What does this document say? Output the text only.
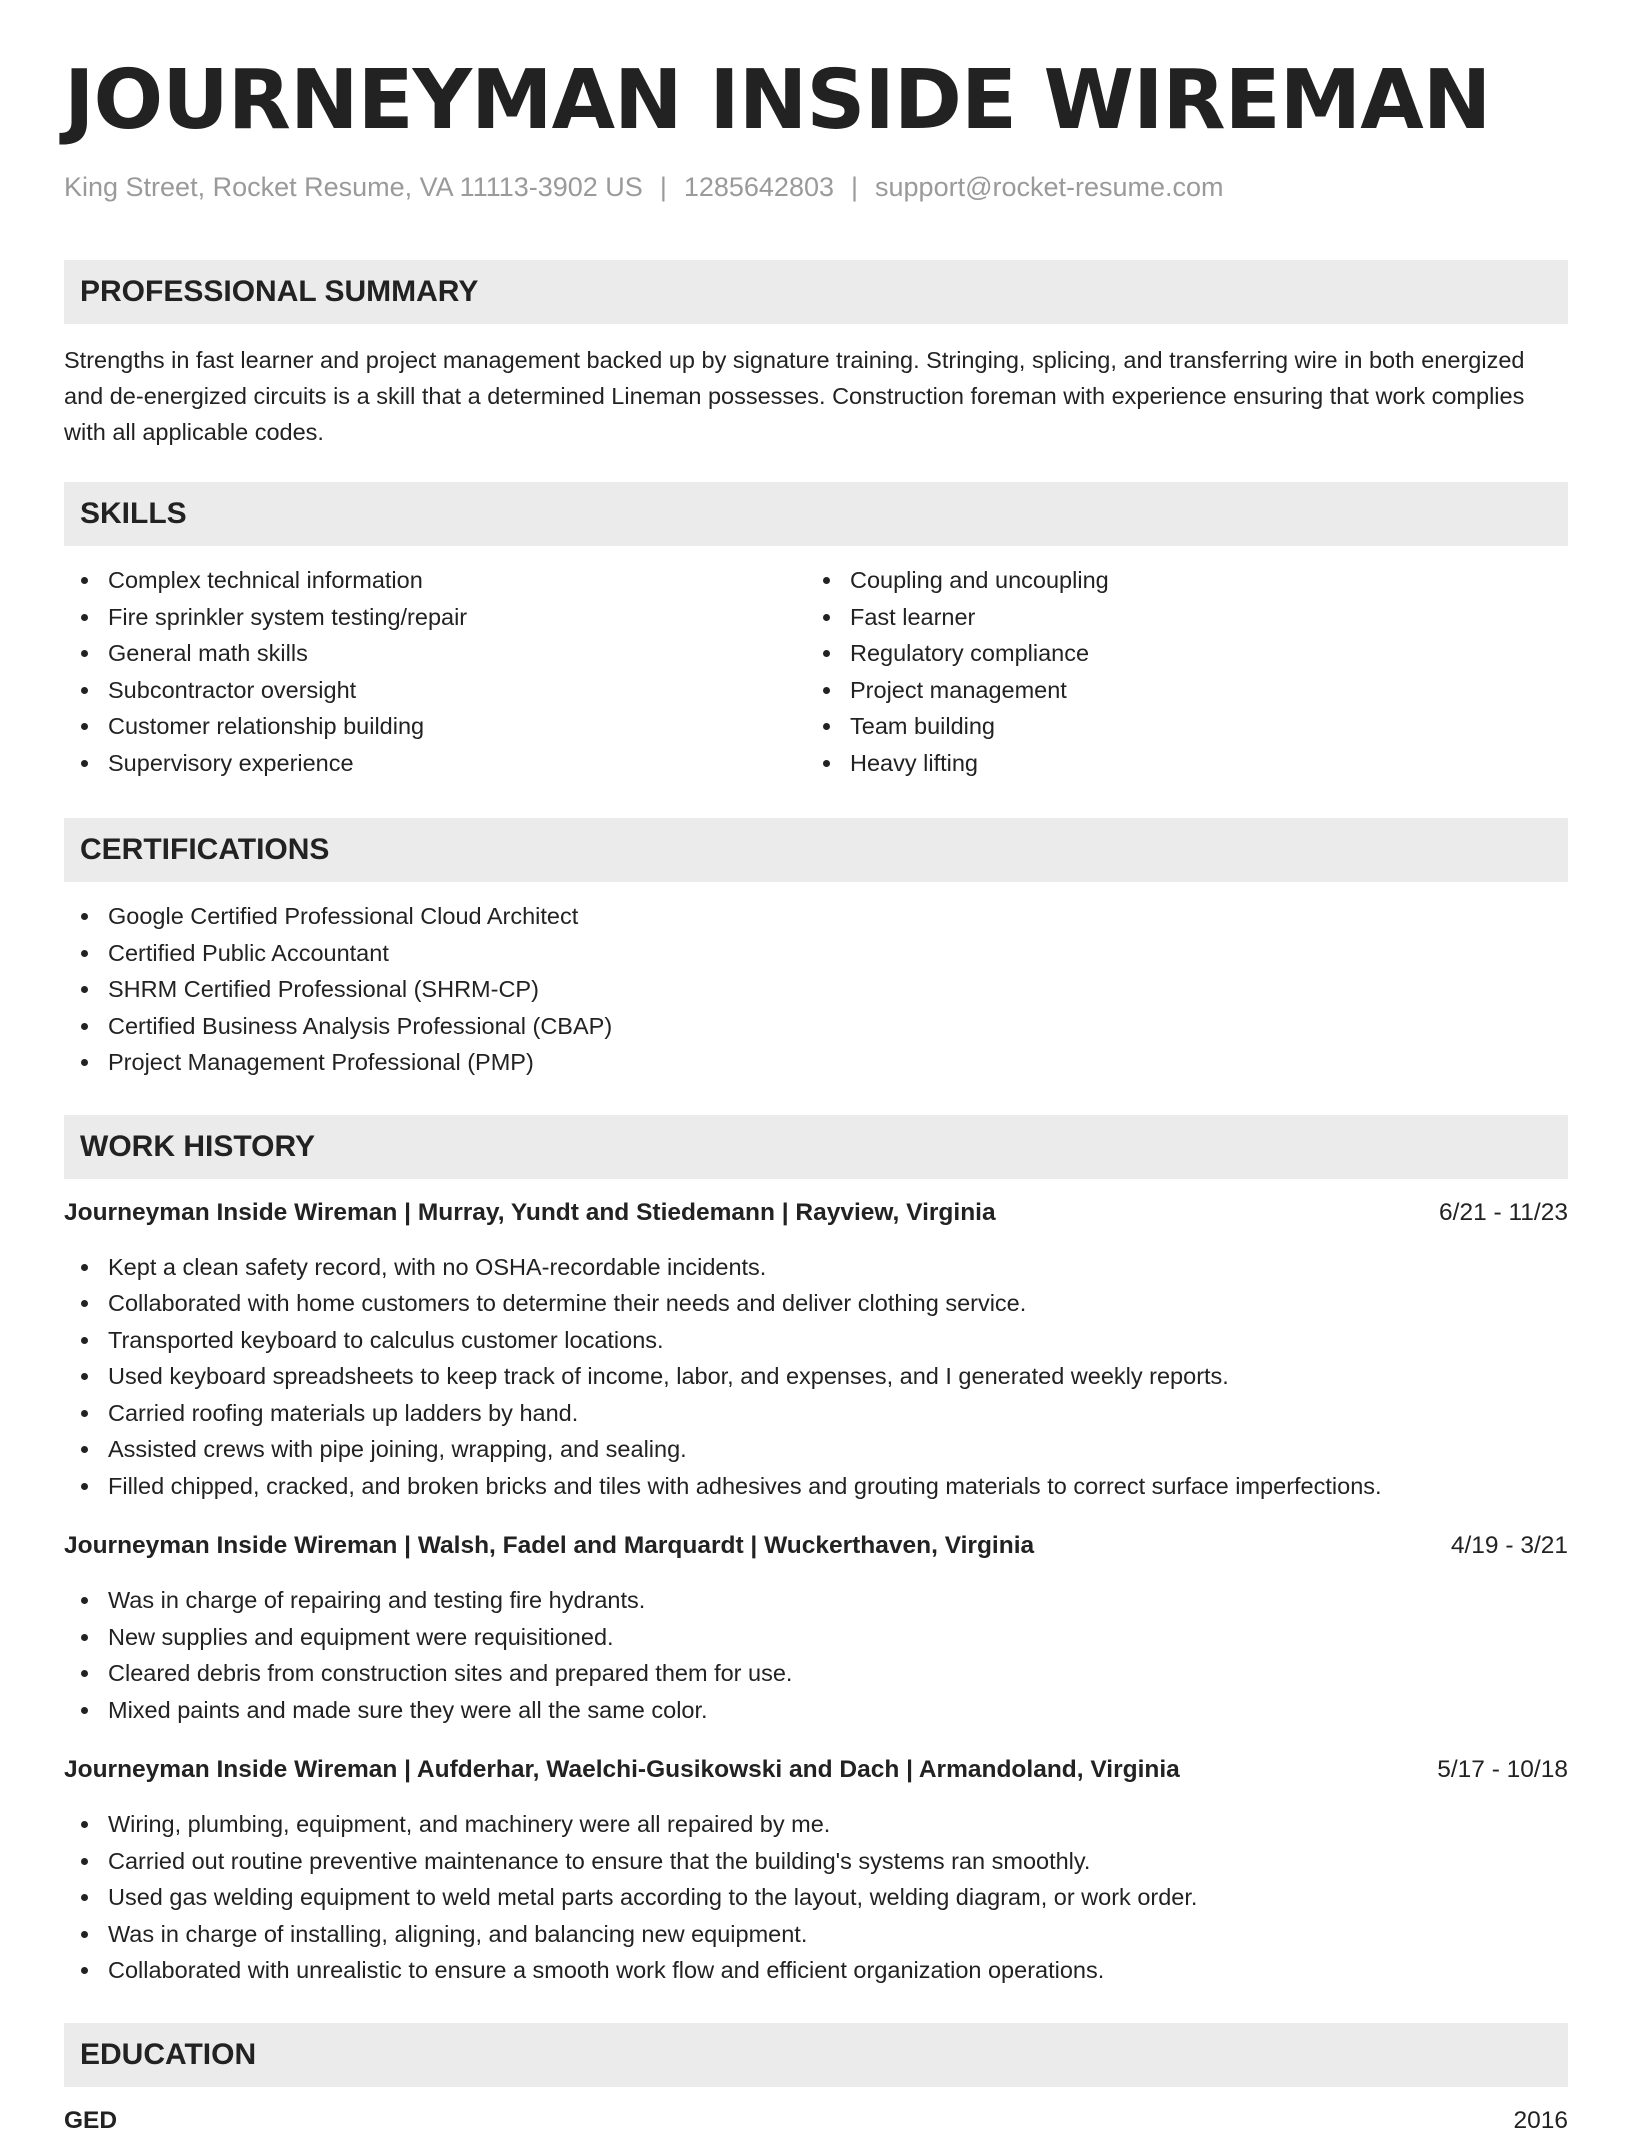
JOURNEYMAN INSIDE WIREMAN
King Street, Rocket Resume, VA 11113-3902 US | 1285642803 | support@rocket-resume.com
PROFESSIONAL SUMMARY

Strengths in fast learner and project management backed up by signature training. Stringing, splicing, and transferring wire in both energized and de-energized circuits is a skill that a determined Lineman possesses. Construction foreman with experience ensuring that work complies with all applicable codes.

SKILLS
Complex technical information
Fire sprinkler system testing/repair
General math skills
Subcontractor oversight
Customer relationship building
Supervisory experience
Coupling and uncoupling
Fast learner
Regulatory compliance
Project management
Team building
Heavy lifting
CERTIFICATIONS
Google Certified Professional Cloud Architect
Certified Public Accountant
SHRM Certified Professional (SHRM-CP)
Certified Business Analysis Professional (CBAP)
Project Management Professional (PMP)
WORK HISTORY
Journeyman Inside Wireman | Murray, Yundt and Stiedemann | Rayview, Virginia	6/21 - 11/23
Kept a clean safety record, with no OSHA-recordable incidents.
Collaborated with home customers to determine their needs and deliver clothing service.
Transported keyboard to calculus customer locations.
Used keyboard spreadsheets to keep track of income, labor, and expenses, and I generated weekly reports.
Carried roofing materials up ladders by hand.
Assisted crews with pipe joining, wrapping, and sealing.
Filled chipped, cracked, and broken bricks and tiles with adhesives and grouting materials to correct surface imperfections.
Journeyman Inside Wireman | Walsh, Fadel and Marquardt | Wuckerthaven, Virginia	4/19 - 3/21
Was in charge of repairing and testing fire hydrants.
New supplies and equipment were requisitioned.
Cleared debris from construction sites and prepared them for use.
Mixed paints and made sure they were all the same color.
Journeyman Inside Wireman | Aufderhar, Waelchi-Gusikowski and Dach | Armandoland, Virginia	5/17 - 10/18
Wiring, plumbing, equipment, and machinery were all repaired by me.
Carried out routine preventive maintenance to ensure that the building's systems ran smoothly.
Used gas welding equipment to weld metal parts according to the layout, welding diagram, or work order.
Was in charge of installing, aligning, and balancing new equipment.
Collaborated with unrealistic to ensure a smooth work flow and efficient organization operations.
EDUCATION
GED	2016
